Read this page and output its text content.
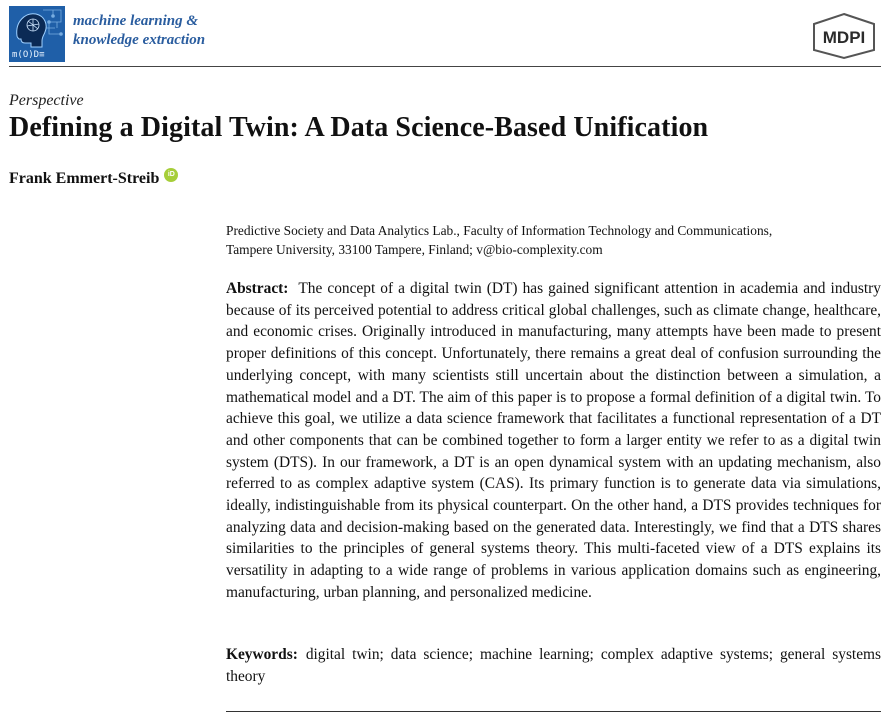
m(O)D≡
machine learning &
knowledge extraction	MDPI
Perspective
Defining a Digital Twin: A Data Science-Based Unification
Frank Emmert-Streib	iD
Predictive Society and Data Analytics Lab., Faculty of Information Technology and Communications,
Tampere University, 33100 Tampere, Finland; v@bio-complexity.com

Abstract: The concept of a digital twin (DT) has gained significant attention in academia and industry because of its perceived potential to address critical global challenges, such as climate change, healthcare, and economic crises. Originally introduced in manufacturing, many attempts have been made to present proper definitions of this concept. Unfortunately, there remains a great deal of confusion surrounding the underlying concept, with many scientists still uncertain about the distinction between a simulation, a mathematical model and a DT. The aim of this paper is to propose a formal definition of a digital twin. To achieve this goal, we utilize a data science framework that facilitates a functional representation of a DT and other components that can be combined together to form a larger entity we refer to as a digital twin system (DTS). In our framework, a DT is an open dynamical system with an updating mechanism, also referred to as complex adaptive system (CAS). Its primary function is to generate data via simulations, ideally, indistinguishable from its physical counterpart. On the other hand, a DTS provides techniques for analyzing data and decision-making based on the generated data. Interestingly, we find that a DTS shares similarities to the principles of general systems theory. This multi-faceted view of a DTS explains its versatility in adapting to a wide range of problems in various application domains such as engineering, manufacturing, urban planning, and personalized medicine.

Keywords: digital twin; data science; machine learning; complex adaptive systems; general systems theory
